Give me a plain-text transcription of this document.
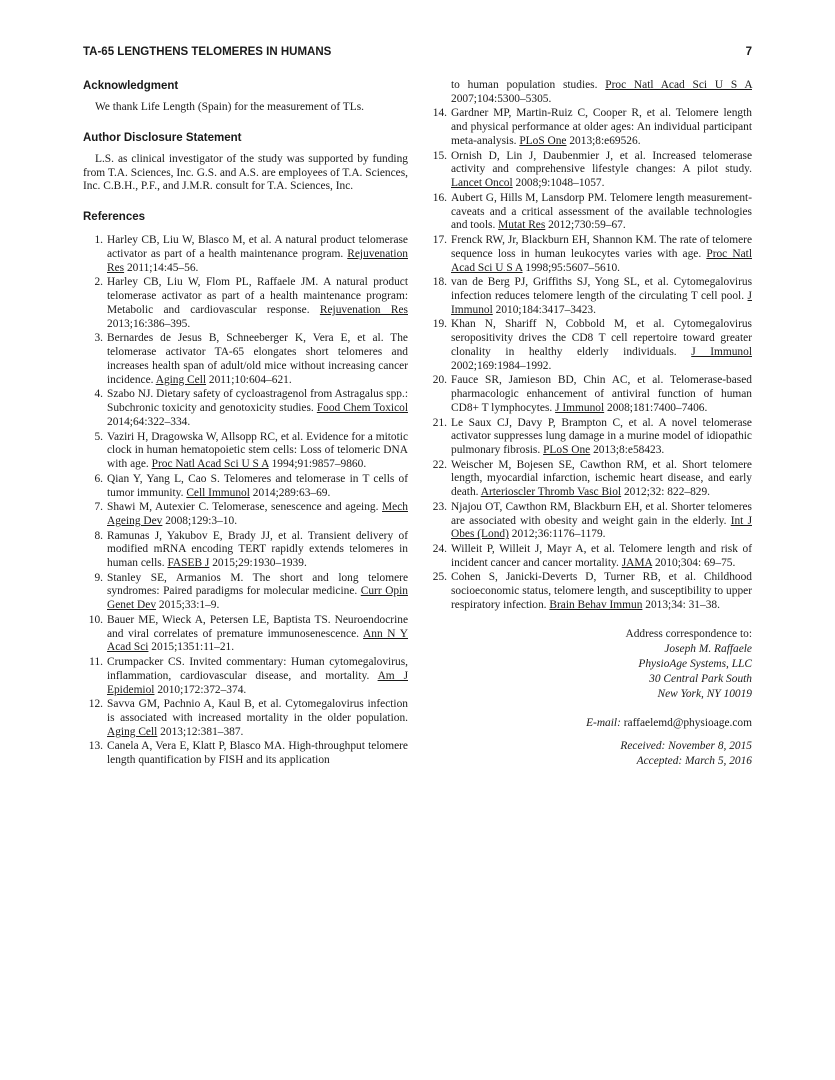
TA-65 LENGTHENS TELOMERES IN HUMANS	7
Acknowledgment

We thank Life Length (Spain) for the measurement of TLs.

Author Disclosure Statement

L.S. as clinical investigator of the study was supported by funding from T.A. Sciences, Inc. G.S. and A.S. are employees of T.A. Sciences, Inc. C.B.H., P.F., and J.M.R. consult for T.A. Sciences, Inc.

References
1. Harley CB, Liu W, Blasco M, et al. A natural product telomerase activator as part of a health maintenance program. Rejuvenation Res 2011;14:45–56.
2. Harley CB, Liu W, Flom PL, Raffaele JM. A natural product telomerase activator as part of a health maintenance program: Metabolic and cardiovascular response. Rejuvenation Res 2013;16:386–395.
3. Bernardes de Jesus B, Schneeberger K, Vera E, et al. The telomerase activator TA-65 elongates short telomeres and increases health span of adult/old mice without increasing cancer incidence. Aging Cell 2011;10:604–621.
4. Szabo NJ. Dietary safety of cycloastragenol from Astragalus spp.: Subchronic toxicity and genotoxicity studies. Food Chem Toxicol 2014;64:322–334.
5. Vaziri H, Dragowska W, Allsopp RC, et al. Evidence for a mitotic clock in human hematopoietic stem cells: Loss of telomeric DNA with age. Proc Natl Acad Sci U S A 1994;91:9857–9860.
6. Qian Y, Yang L, Cao S. Telomeres and telomerase in T cells of tumor immunity. Cell Immunol 2014;289:63–69.
7. Shawi M, Autexier C. Telomerase, senescence and ageing. Mech Ageing Dev 2008;129:3–10.
8. Ramunas J, Yakubov E, Brady JJ, et al. Transient delivery of modified mRNA encoding TERT rapidly extends telomeres in human cells. FASEB J 2015;29:1930–1939.
9. Stanley SE, Armanios M. The short and long telomere syndromes: Paired paradigms for molecular medicine. Curr Opin Genet Dev 2015;33:1–9.
10. Bauer ME, Wieck A, Petersen LE, Baptista TS. Neuroendocrine and viral correlates of premature immunosenescence. Ann N Y Acad Sci 2015;1351:11–21.
11. Crumpacker CS. Invited commentary: Human cytomegalovirus, inflammation, cardiovascular disease, and mortality. Am J Epidemiol 2010;172:372–374.
12. Savva GM, Pachnio A, Kaul B, et al. Cytomegalovirus infection is associated with increased mortality in the older population. Aging Cell 2013;12:381–387.
13. Canela A, Vera E, Klatt P, Blasco MA. High-throughput telomere length quantification by FISH and its application
to human population studies. Proc Natl Acad Sci U S A 2007;104:5300–5305.
14. Gardner MP, Martin-Ruiz C, Cooper R, et al. Telomere length and physical performance at older ages: An individual participant meta-analysis. PLoS One 2013;8:e69526.
15. Ornish D, Lin J, Daubenmier J, et al. Increased telomerase activity and comprehensive lifestyle changes: A pilot study. Lancet Oncol 2008;9:1048–1057.
16. Aubert G, Hills M, Lansdorp PM. Telomere length measurement-caveats and a critical assessment of the available technologies and tools. Mutat Res 2012;730:59–67.
17. Frenck RW, Jr, Blackburn EH, Shannon KM. The rate of telomere sequence loss in human leukocytes varies with age. Proc Natl Acad Sci U S A 1998;95:5607–5610.
18. van de Berg PJ, Griffiths SJ, Yong SL, et al. Cytomegalovirus infection reduces telomere length of the circulating T cell pool. J Immunol 2010;184:3417–3423.
19. Khan N, Shariff N, Cobbold M, et al. Cytomegalovirus seropositivity drives the CD8 T cell repertoire toward greater clonality in healthy elderly individuals. J Immunol 2002;169:1984–1992.
20. Fauce SR, Jamieson BD, Chin AC, et al. Telomerase-based pharmacologic enhancement of antiviral function of human CD8+ T lymphocytes. J Immunol 2008;181:7400–7406.
21. Le Saux CJ, Davy P, Brampton C, et al. A novel telomerase activator suppresses lung damage in a murine model of idiopathic pulmonary fibrosis. PLoS One 2013;8:e58423.
22. Weischer M, Bojesen SE, Cawthon RM, et al. Short telomere length, myocardial infarction, ischemic heart disease, and early death. Arterioscler Thromb Vasc Biol 2012;32: 822–829.
23. Njajou OT, Cawthon RM, Blackburn EH, et al. Shorter telomeres are associated with obesity and weight gain in the elderly. Int J Obes (Lond) 2012;36:1176–1179.
24. Willeit P, Willeit J, Mayr A, et al. Telomere length and risk of incident cancer and cancer mortality. JAMA 2010;304: 69–75.
25. Cohen S, Janicki-Deverts D, Turner RB, et al. Childhood socioeconomic status, telomere length, and susceptibility to upper respiratory infection. Brain Behav Immun 2013;34: 31–38.
Address correspondence to:
Joseph M. Raffaele
PhysioAge Systems, LLC
30 Central Park South
New York, NY 10019
E-mail: raffaelemd@physioage.com
Received: November 8, 2015
Accepted: March 5, 2016
